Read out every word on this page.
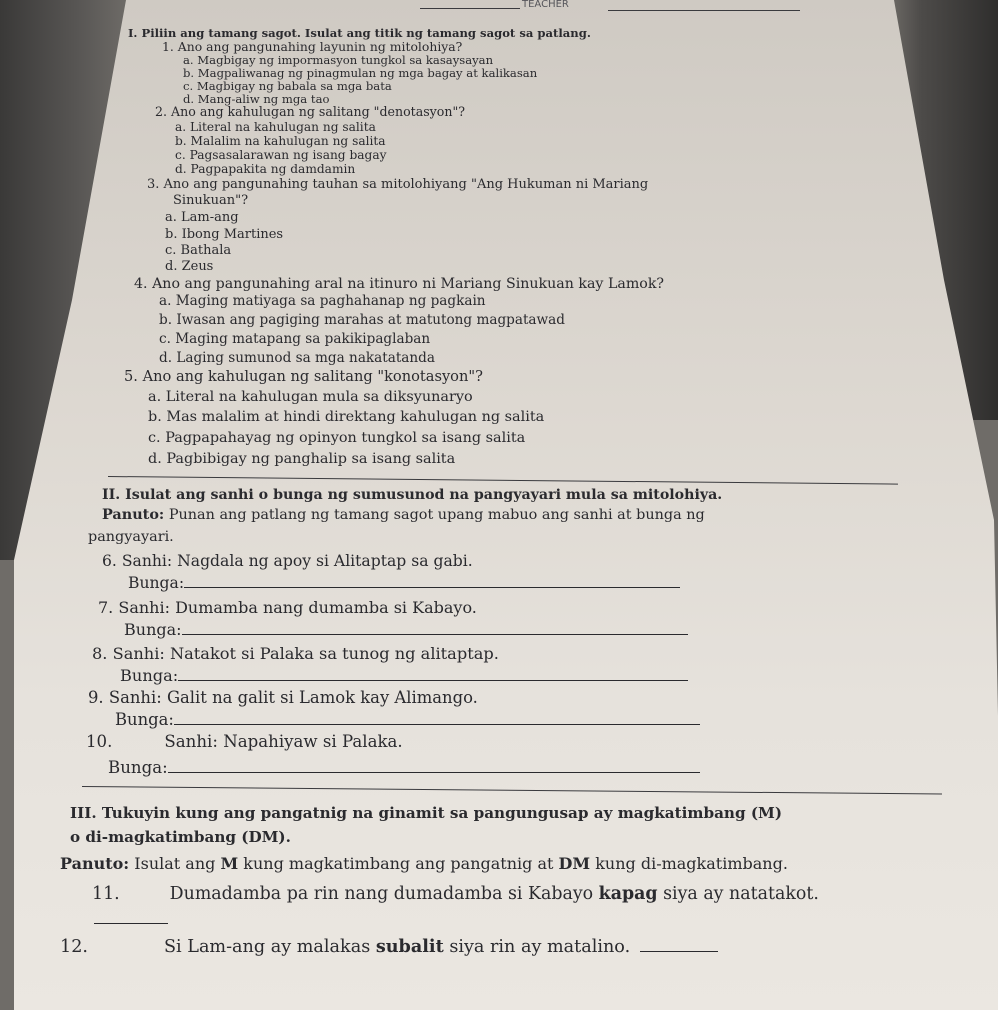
TEACHER
I. Piliin ang tamang sagot. Isulat ang titik ng tamang sagot sa patlang.
1. Ano ang pangunahing layunin ng mitolohiya?
a. Magbigay ng impormasyon tungkol sa kasaysayan
b. Magpaliwanag ng pinagmulan ng mga bagay at kalikasan
c. Magbigay ng babala sa mga bata
d. Mang-aliw ng mga tao
2. Ano ang kahulugan ng salitang "denotasyon"?
a. Literal na kahulugan ng salita
b. Malalim na kahulugan ng salita
c. Pagsasalarawan ng isang bagay
d. Pagpapakita ng damdamin
3. Ano ang pangunahing tauhan sa mitolohiyang "Ang Hukuman ni Mariang
Sinukuan"?
a. Lam-ang
b. Ibong Martines
c. Bathala
d. Zeus
4. Ano ang pangunahing aral na itinuro ni Mariang Sinukuan kay Lamok?
a. Maging matiyaga sa paghahanap ng pagkain
b. Iwasan ang pagiging marahas at matutong magpatawad
c. Maging matapang sa pakikipaglaban
d. Laging sumunod sa mga nakatatanda
5. Ano ang kahulugan ng salitang "konotasyon"?
a. Literal na kahulugan mula sa diksyunaryo
b. Mas malalim at hindi direktang kahulugan ng salita
c. Pagpapahayag ng opinyon tungkol sa isang salita
d. Pagbibigay ng panghalip sa isang salita
II. Isulat ang sanhi o bunga ng sumusunod na pangyayari mula sa mitolohiya.
Panuto: Punan ang patlang ng tamang sagot upang mabuo ang sanhi at bunga ng
pangyayari.
6. Sanhi: Nagdala ng apoy si Alitaptap sa gabi.
Bunga:
7. Sanhi: Dumamba nang dumamba si Kabayo.
Bunga:
8. Sanhi: Natakot si Palaka sa tunog ng alitaptap.
Bunga:
9. Sanhi: Galit na galit si Lamok kay Alimango.
Bunga:
10.	Sanhi: Napahiyaw si Palaka.
Bunga:
III. Tukuyin kung ang pangatnig na ginamit sa pangungusap ay magkatimbang (M)
o di-magkatimbang (DM).
Panuto: Isulat ang M kung magkatimbang ang pangatnig at DM kung di-magkatimbang.
11.	Dumadamba pa rin nang dumadamba si Kabayo kapag siya ay natatakot.
12.	Si Lam-ang ay malakas subalit siya rin ay matalino.
